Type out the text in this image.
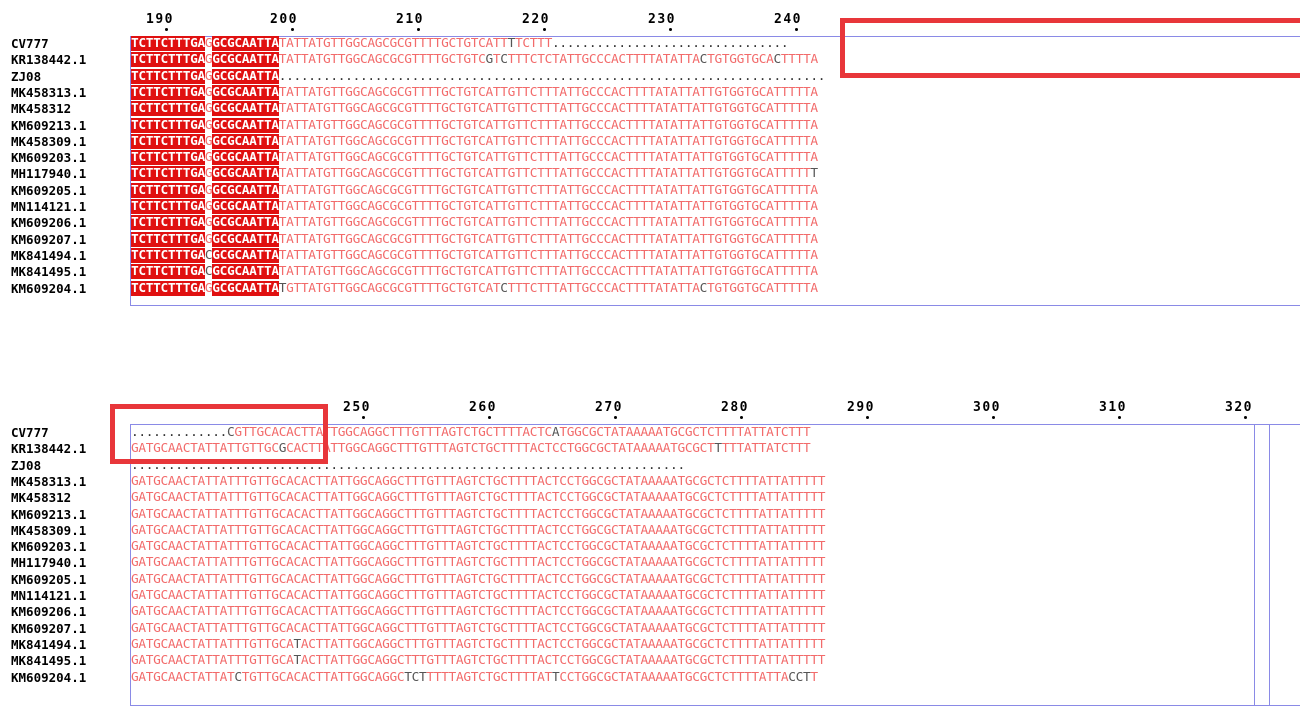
190	200	210	220	230	240
CV777	TCTTCTTTGAGGCGCAATTATATTATGTTGGCAGCGCGTTTTGCTGTCATTTTCTTT................................
KR138442.1	TCTTCTTTGAGGCGCAATTATATTATGTTGGCAGCGCGTTTTGCTGTCGTCTTTCTCTATTGCCCACTTTTATATTACTGTGGTGCACTTTTA
ZJ08	TCTTCTTTGAGGCGCAATTA..........................................................................
MK458313.1	TCTTCTTTGAGGCGCAATTATATTATGTTGGCAGCGCGTTTTGCTGTCATTGTTCTTTATTGCCCACTTTTATATTATTGTGGTGCATTTTTA
MK458312	TCTTCTTTGAGGCGCAATTATATTATGTTGGCAGCGCGTTTTGCTGTCATTGTTCTTTATTGCCCACTTTTATATTATTGTGGTGCATTTTTA
KM609213.1	TCTTCTTTGAGGCGCAATTATATTATGTTGGCAGCGCGTTTTGCTGTCATTGTTCTTTATTGCCCACTTTTATATTATTGTGGTGCATTTTTA
MK458309.1	TCTTCTTTGAGGCGCAATTATATTATGTTGGCAGCGCGTTTTGCTGTCATTGTTCTTTATTGCCCACTTTTATATTATTGTGGTGCATTTTTA
KM609203.1	TCTTCTTTGAGGCGCAATTATATTATGTTGGCAGCGCGTTTTGCTGTCATTGTTCTTTATTGCCCACTTTTATATTATTGTGGTGCATTTTTA
MH117940.1	TCTTCTTTGAGGCGCAATTATATTATGTTGGCAGCGCGTTTTGCTGTCATTGTTCTTTATTGCCCACTTTTATATTATTGTGGTGCATTTTTT
KM609205.1	TCTTCTTTGAGGCGCAATTATATTATGTTGGCAGCGCGTTTTGCTGTCATTGTTCTTTATTGCCCACTTTTATATTATTGTGGTGCATTTTTA
MN114121.1	TCTTCTTTGAGGCGCAATTATATTATGTTGGCAGCGCGTTTTGCTGTCATTGTTCTTTATTGCCCACTTTTATATTATTGTGGTGCATTTTTA
KM609206.1	TCTTCTTTGAGGCGCAATTATATTATGTTGGCAGCGCGTTTTGCTGTCATTGTTCTTTATTGCCCACTTTTATATTATTGTGGTGCATTTTTA
KM609207.1	TCTTCTTTGAGGCGCAATTATATTATGTTGGCAGCGCGTTTTGCTGTCATTGTTCTTTATTGCCCACTTTTATATTATTGTGGTGCATTTTTA
MK841494.1	TCTTCTTTGACGCGCAATTATATTATGTTGGCAGCGCGTTTTGCTGTCATTGTTCTTTATTGCCCACTTTTATATTATTGTGGTGCATTTTTA
MK841495.1	TCTTCTTTGACGCGCAATTATATTATGTTGGCAGCGCGTTTTGCTGTCATTGTTCTTTATTGCCCACTTTTATATTATTGTGGTGCATTTTTA
KM609204.1	TCTTCTTTGAGGCGCAATTATGTTATGTTGGCAGCGCGTTTTGCTGTCATCTTTCTTTATTGCCCACTTTTATATTACTGTGGTGCATTTTTA
250	260	270	280	290	300	310	320
CV777	.............CGTTGCACACTTATTGGCAGGCTTTGTTTAGTCTGCTTTTACTCATGGCGCTATAAAAATGCGCTCTTTTATTATCTTT
KR138442.1	GATGCAACTATTATTGTTGCGCACTTATTGGCAGGCTTTGTTTAGTCTGCTTTTACTCCTGGCGCTATAAAAATGCGCTTTTTATTATCTTT
ZJ08	...........................................................................
MK458313.1	GATGCAACTATTATTTGTTGCACACTTATTGGCAGGCTTTGTTTAGTCTGCTTTTACTCCTGGCGCTATAAAAATGCGCTCTTTTATTATTTTT
MK458312	GATGCAACTATTATTTGTTGCACACTTATTGGCAGGCTTTGTTTAGTCTGCTTTTACTCCTGGCGCTATAAAAATGCGCTCTTTTATTATTTTT
KM609213.1	GATGCAACTATTATTTGTTGCACACTTATTGGCAGGCTTTGTTTAGTCTGCTTTTACTCCTGGCGCTATAAAAATGCGCTCTTTTATTATTTTT
MK458309.1	GATGCAACTATTATTTGTTGCACACTTATTGGCAGGCTTTGTTTAGTCTGCTTTTACTCCTGGCGCTATAAAAATGCGCTCTTTTATTATTTTT
KM609203.1	GATGCAACTATTATTTGTTGCACACTTATTGGCAGGCTTTGTTTAGTCTGCTTTTACTCCTGGCGCTATAAAAATGCGCTCTTTTATTATTTTT
MH117940.1	GATGCAACTATTATTTGTTGCACACTTATTGGCAGGCTTTGTTTAGTCTGCTTTTACTCCTGGCGCTATAAAAATGCGCTCTTTTATTATTTTT
KM609205.1	GATGCAACTATTATTTGTTGCACACTTATTGGCAGGCTTTGTTTAGTCTGCTTTTACTCCTGGCGCTATAAAAATGCGCTCTTTTATTATTTTT
MN114121.1	GATGCAACTATTATTTGTTGCACACTTATTGGCAGGCTTTGTTTAGTCTGCTTTTACTCCTGGCGCTATAAAAATGCGCTCTTTTATTATTTTT
KM609206.1	GATGCAACTATTATTTGTTGCACACTTATTGGCAGGCTTTGTTTAGTCTGCTTTTACTCCTGGCGCTATAAAAATGCGCTCTTTTATTATTTTT
KM609207.1	GATGCAACTATTATTTGTTGCACACTTATTGGCAGGCTTTGTTTAGTCTGCTTTTACTCCTGGCGCTATAAAAATGCGCTCTTTTATTATTTTT
MK841494.1	GATGCAACTATTATTTGTTGCATACTTATTGGCAGGCTTTGTTTAGTCTGCTTTTACTCCTGGCGCTATAAAAATGCGCTCTTTTATTATTTTT
MK841495.1	GATGCAACTATTATTTGTTGCATACTTATTGGCAGGCTTTGTTTAGTCTGCTTTTACTCCTGGCGCTATAAAAATGCGCTCTTTTATTATTTTT
KM609204.1	GATGCAACTATTATCTGTTGCACACTTATTGGCAGGCTCTTTTTAGTCTGCTTTTATTCCTGGCGCTATAAAAATGCGCTCTTTTATTACCTT
